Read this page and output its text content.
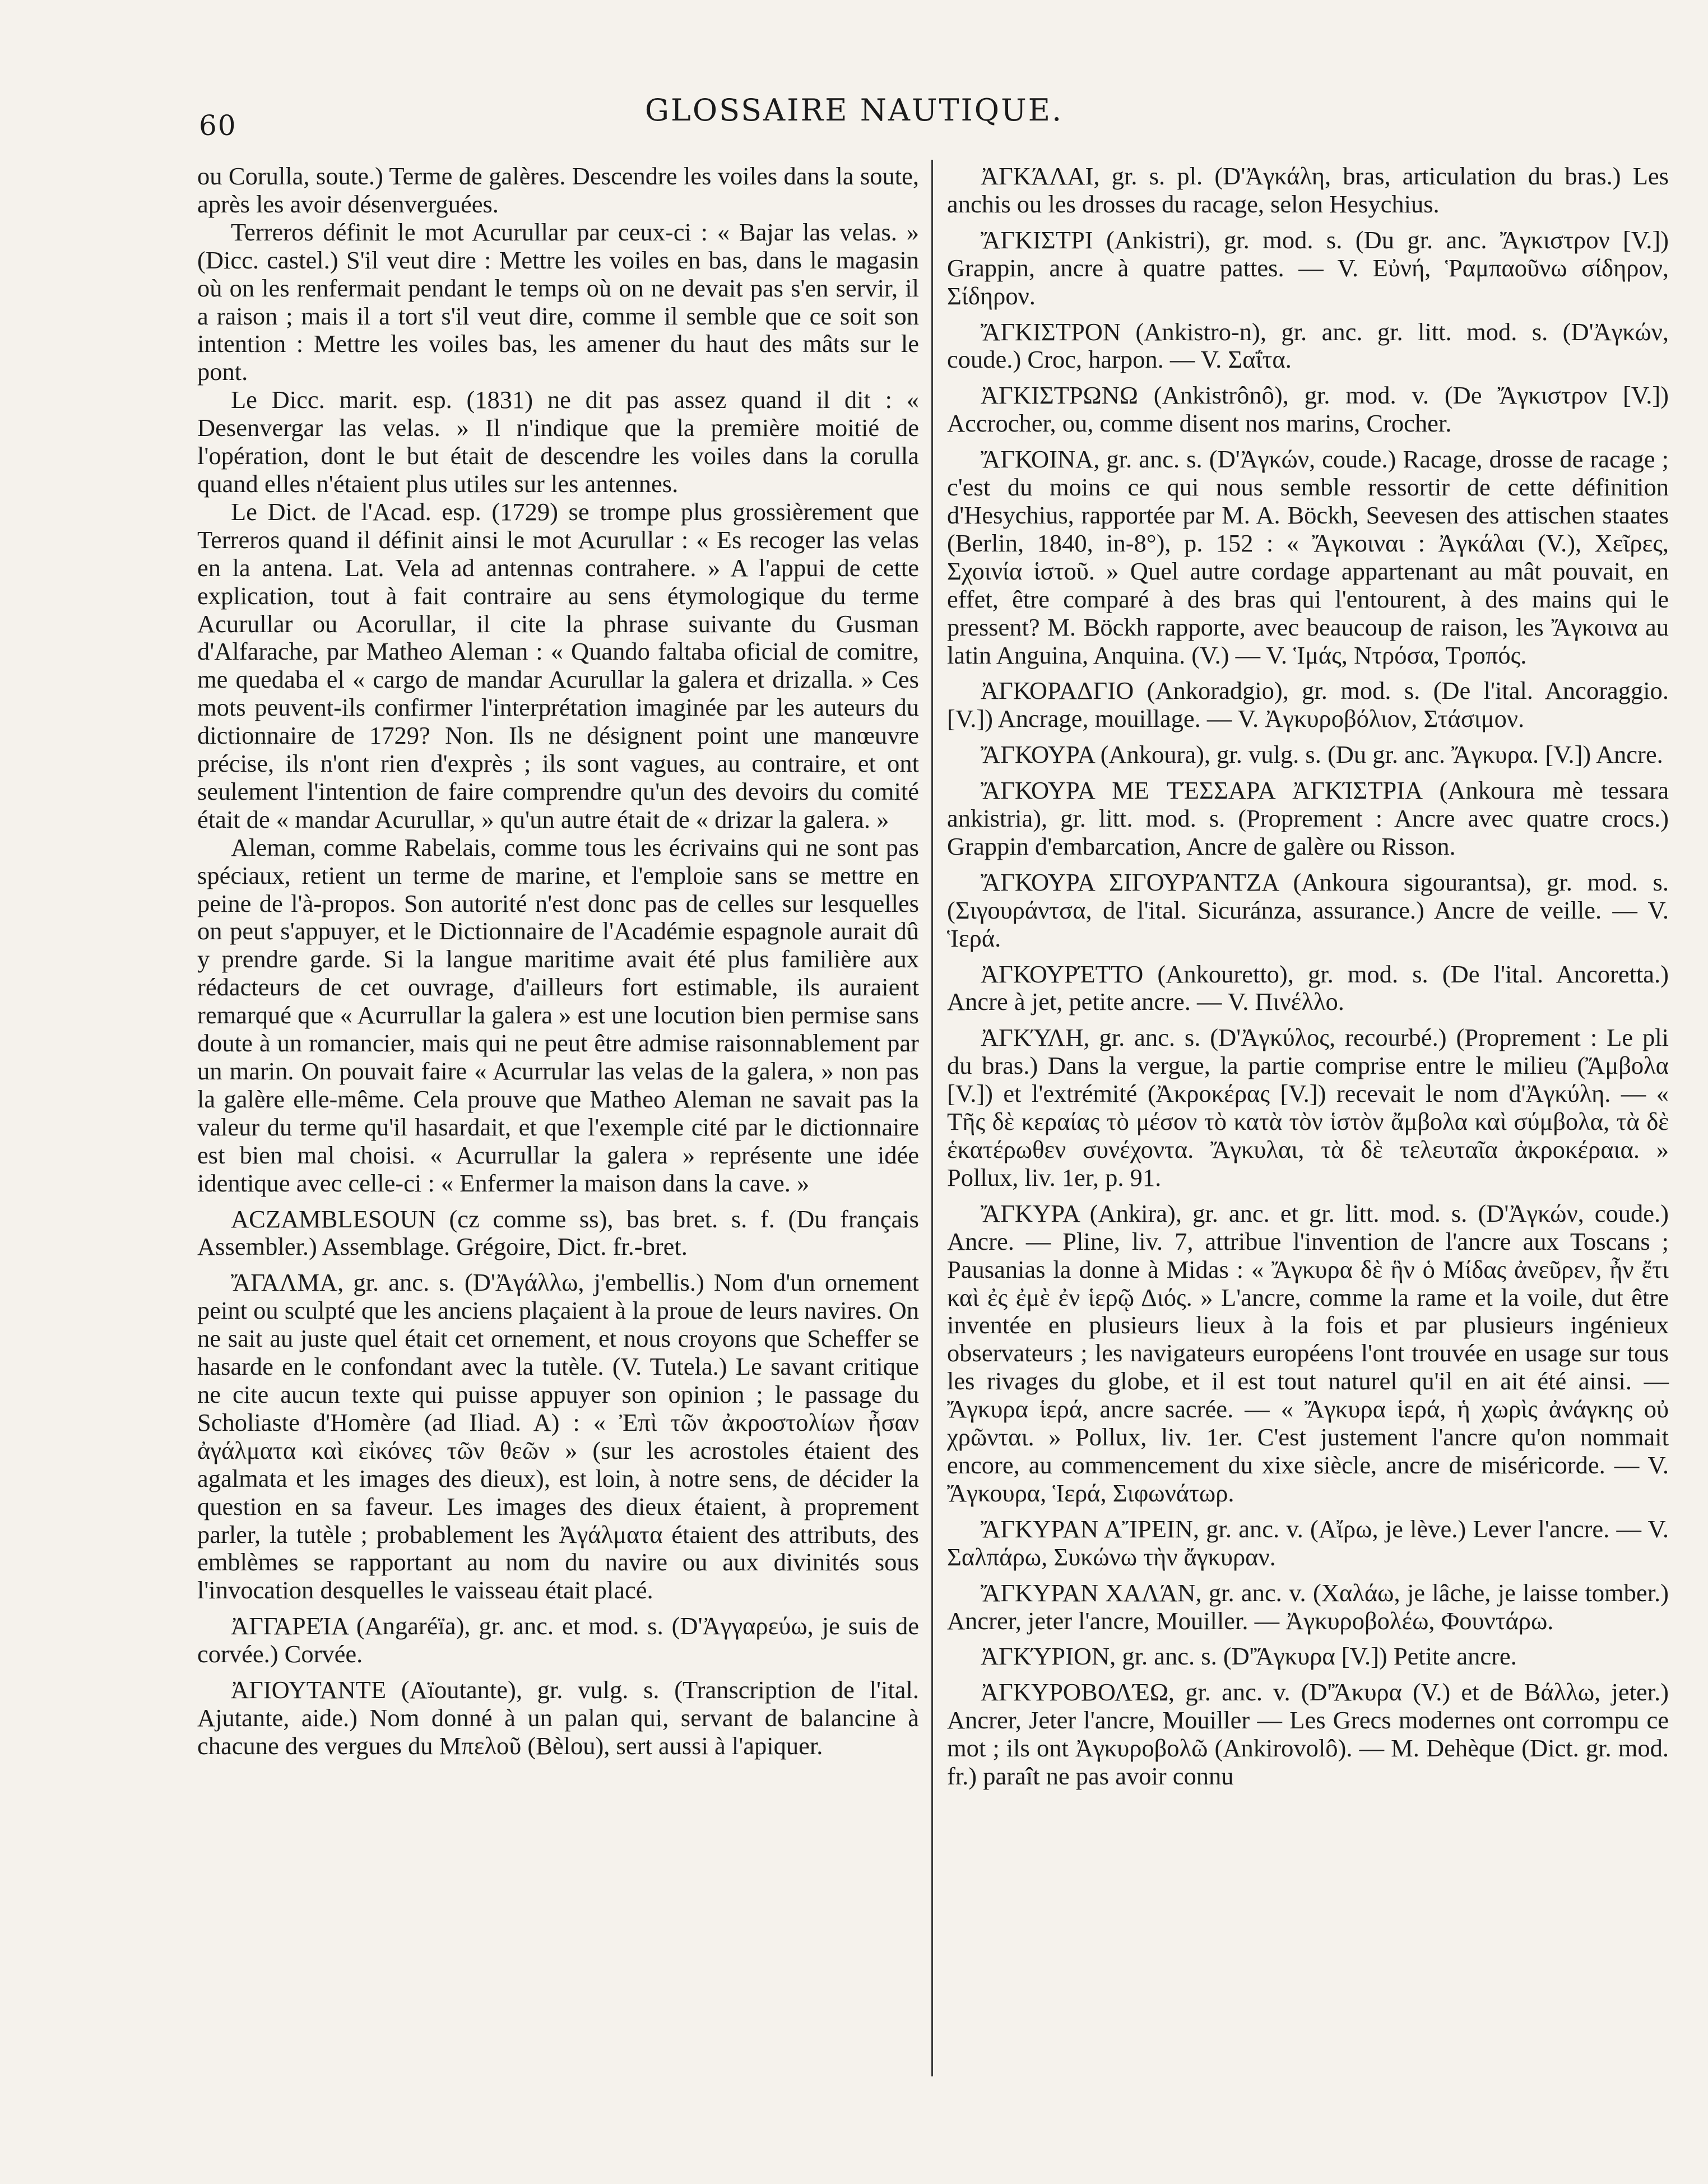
60	GLOSSAIRE NAUTIQUE.

ou Corulla, soute.) Terme de galères. Descendre les voiles dans la soute, après les avoir désenverguées.

Terreros définit le mot Acurullar par ceux-ci : « Bajar las velas. » (Dicc. castel.) S'il veut dire : Mettre les voiles en bas, dans le magasin où on les renfermait pendant le temps où on ne devait pas s'en servir, il a raison ; mais il a tort s'il veut dire, comme il semble que ce soit son intention : Mettre les voiles bas, les amener du haut des mâts sur le pont.

Le Dicc. marit. esp. (1831) ne dit pas assez quand il dit : « Desenvergar las velas. » Il n'indique que la première moitié de l'opération, dont le but était de descendre les voiles dans la corulla quand elles n'étaient plus utiles sur les antennes.

Le Dict. de l'Acad. esp. (1729) se trompe plus grossièrement que Terreros quand il définit ainsi le mot Acurullar : « Es recoger las velas en la antena. Lat. Vela ad antennas contrahere. » A l'appui de cette explication, tout à fait contraire au sens étymologique du terme Acurullar ou Acorullar, il cite la phrase suivante du Gusman d'Alfarache, par Matheo Aleman : « Quando faltaba oficial de comitre, me quedaba el « cargo de mandar Acurullar la galera et drizalla. » Ces mots peuvent-ils confirmer l'interprétation imaginée par les auteurs du dictionnaire de 1729? Non. Ils ne désignent point une manœuvre précise, ils n'ont rien d'exprès ; ils sont vagues, au contraire, et ont seulement l'intention de faire comprendre qu'un des devoirs du comité était de « mandar Acurullar, » qu'un autre était de « drizar la galera. »

Aleman, comme Rabelais, comme tous les écrivains qui ne sont pas spéciaux, retient un terme de marine, et l'emploie sans se mettre en peine de l'à-propos. Son autorité n'est donc pas de celles sur lesquelles on peut s'appuyer, et le Dictionnaire de l'Académie espagnole aurait dû y prendre garde. Si la langue maritime avait été plus familière aux rédacteurs de cet ouvrage, d'ailleurs fort estimable, ils auraient remarqué que « Acurrullar la galera » est une locution bien permise sans doute à un romancier, mais qui ne peut être admise raisonnablement par un marin. On pouvait faire « Acurrular las velas de la galera, » non pas la galère elle-même. Cela prouve que Matheo Aleman ne savait pas la valeur du terme qu'il hasardait, et que l'exemple cité par le dictionnaire est bien mal choisi. « Acurrullar la galera » représente une idée identique avec celle-ci : « Enfermer la maison dans la cave. »

ACZAMBLESOUN (cz comme ss), bas bret. s. f. (Du français Assembler.) Assemblage. Grégoire, Dict. fr.-bret.

ἌΓΑΛΜΑ, gr. anc. s. (D'Ἀγάλλω, j'embellis.) Nom d'un ornement peint ou sculpté que les anciens plaçaient à la proue de leurs navires. On ne sait au juste quel était cet ornement, et nous croyons que Scheffer se hasarde en le confondant avec la tutèle. (V. Tutela.) Le savant critique ne cite aucun texte qui puisse appuyer son opinion ; le passage du Scholiaste d'Homère (ad Iliad. A) : « Ἐπὶ τῶν ἀκροστολίων ἦσαν ἀγάλματα καὶ εἰκόνες τῶν θεῶν » (sur les acrostoles étaient des agalmata et les images des dieux), est loin, à notre sens, de décider la question en sa faveur. Les images des dieux étaient, à proprement parler, la tutèle ; probablement les Ἀγάλματα étaient des attributs, des emblèmes se rapportant au nom du navire ou aux divinités sous l'invocation desquelles le vaisseau était placé.

ἈΓΓΑΡΕΊΑ (Angaréïa), gr. anc. et mod. s. (D'Ἀγγαρεύω, je suis de corvée.) Corvée.

ἈΓΙΟΥΤΑΝΤΕ (Aïoutante), gr. vulg. s. (Transcription de l'ital. Ajutante, aide.) Nom donné à un palan qui, servant de balancine à chacune des vergues du Μπελοῦ (Bèlou), sert aussi à l'apiquer.

ἈΓΚΆΛΑΙ, gr. s. pl. (D'Ἀγκάλη, bras, articulation du bras.) Les anchis ou les drosses du racage, selon Hesychius.

ἌΓΚΙΣΤΡΙ (Ankistri), gr. mod. s. (Du gr. anc. Ἄγκιστρον [V.]) Grappin, ancre à quatre pattes. — V. Εὐνή, Ῥαμπαοῦνω σίδηρον, Σίδηρον.

ἌΓΚΙΣΤΡΟΝ (Ankistro-n), gr. anc. gr. litt. mod. s. (D'Ἀγκών, coude.) Croc, harpon. — V. Σαΐτα.

ἈΓΚΙΣΤΡΩΝΩ (Ankistrônô), gr. mod. v. (De Ἄγκιστρον [V.]) Accrocher, ou, comme disent nos marins, Crocher.

ἌΓΚΟΙΝΑ, gr. anc. s. (D'Ἀγκών, coude.) Racage, drosse de racage ; c'est du moins ce qui nous semble ressortir de cette définition d'Hesychius, rapportée par M. A. Böckh, Seevesen des attischen staates (Berlin, 1840, in-8°), p. 152 : « Ἄγκοιναι : Ἀγκάλαι (V.), Χεῖρες, Σχοινία ἱστοῦ. » Quel autre cordage appartenant au mât pouvait, en effet, être comparé à des bras qui l'entourent, à des mains qui le pressent? M. Böckh rapporte, avec beaucoup de raison, les Ἄγκοινα au latin Anguina, Anquina. (V.) — V. Ἱμάς, Ντρόσα, Τροπός.

ἈΓΚΟΡΑΔΓΙΟ (Ankoradgio), gr. mod. s. (De l'ital. Ancoraggio. [V.]) Ancrage, mouillage. — V. Ἀγκυροβόλιον, Στάσιμον.

ἌΓΚΟΥΡΑ (Ankoura), gr. vulg. s. (Du gr. anc. Ἄγκυρα. [V.]) Ancre.

ἌΓΚΟΥΡΑ ΜΕ ΤΈΣΣΑΡΑ ἈΓΚΊΣΤΡΙΑ (Ankoura mè tessara ankistria), gr. litt. mod. s. (Proprement : Ancre avec quatre crocs.) Grappin d'embarcation, Ancre de galère ou Risson.

ἌΓΚΟΥΡΑ ΣΙΓΟΥΡΆΝΤΖΑ (Ankoura sigourantsa), gr. mod. s. (Σιγουράντσα, de l'ital. Sicuránza, assurance.) Ancre de veille. — V. Ἱερά.

ἈΓΚΟΥΡΈΤΤΟ (Ankouretto), gr. mod. s. (De l'ital. Ancoretta.) Ancre à jet, petite ancre. — V. Πινέλλο.

ἈΓΚΎΛΗ, gr. anc. s. (D'Ἀγκύλος, recourbé.) (Proprement : Le pli du bras.) Dans la vergue, la partie comprise entre le milieu (Ἄμβολα [V.]) et l'extrémité (Ἀκροκέρας [V.]) recevait le nom d'Ἀγκύλη. — « Τῆς δὲ κεραίας τὸ μέσον τὸ κατὰ τὸν ἱστὸν ἄμβολα καὶ σύμβολα, τὰ δὲ ἑκατέρωθεν συνέχοντα. Ἄγκυλαι, τὰ δὲ τελευταῖα ἀκροκέραια. » Pollux, liv. 1er, p. 91.

ἌΓΚΥΡΑ (Ankira), gr. anc. et gr. litt. mod. s. (D'Ἀγκών, coude.) Ancre. — Pline, liv. 7, attribue l'invention de l'ancre aux Toscans ; Pausanias la donne à Midas : « Ἄγκυρα δὲ ἣν ὁ Μίδας ἀνεῦρεν, ἦν ἔτι καὶ ἐς ἐμὲ ἐν ἱερῷ Διός. » L'ancre, comme la rame et la voile, dut être inventée en plusieurs lieux à la fois et par plusieurs ingénieux observateurs ; les navigateurs européens l'ont trouvée en usage sur tous les rivages du globe, et il est tout naturel qu'il en ait été ainsi. — Ἄγκυρα ἱερά, ancre sacrée. — « Ἄγκυρα ἱερά, ἡ χωρὶς ἀνάγκης οὐ χρῶνται. » Pollux, liv. 1er. C'est justement l'ancre qu'on nommait encore, au commencement du xixe siècle, ancre de miséricorde. — V. Ἄγκουρα, Ἱερά, Σιφωνάτωρ.

ἌΓΚΥΡΑΝ ΑἼΡΕΙΝ, gr. anc. v. (Αἴρω, je lève.) Lever l'ancre. — V. Σαλπάρω, Συκώνω τὴν ἄγκυραν.

ἌΓΚΥΡΑΝ ΧΑΛΆΝ, gr. anc. v. (Χαλάω, je lâche, je laisse tomber.) Ancrer, jeter l'ancre, Mouiller. — Ἀγκυροβολέω, Φουντάρω.

ἈΓΚΎΡΙΟΝ, gr. anc. s. (D'Ἄγκυρα [V.]) Petite ancre.

ἈΓΚΥΡΟΒΟΛΈΩ, gr. anc. v. (D'Ἄκυρα (V.) et de Βάλλω, jeter.) Ancrer, Jeter l'ancre, Mouiller — Les Grecs modernes ont corrompu ce mot ; ils ont Ἀγκυροβολῶ (Ankirovolô). — M. Dehèque (Dict. gr. mod. fr.) paraît ne pas avoir connu
